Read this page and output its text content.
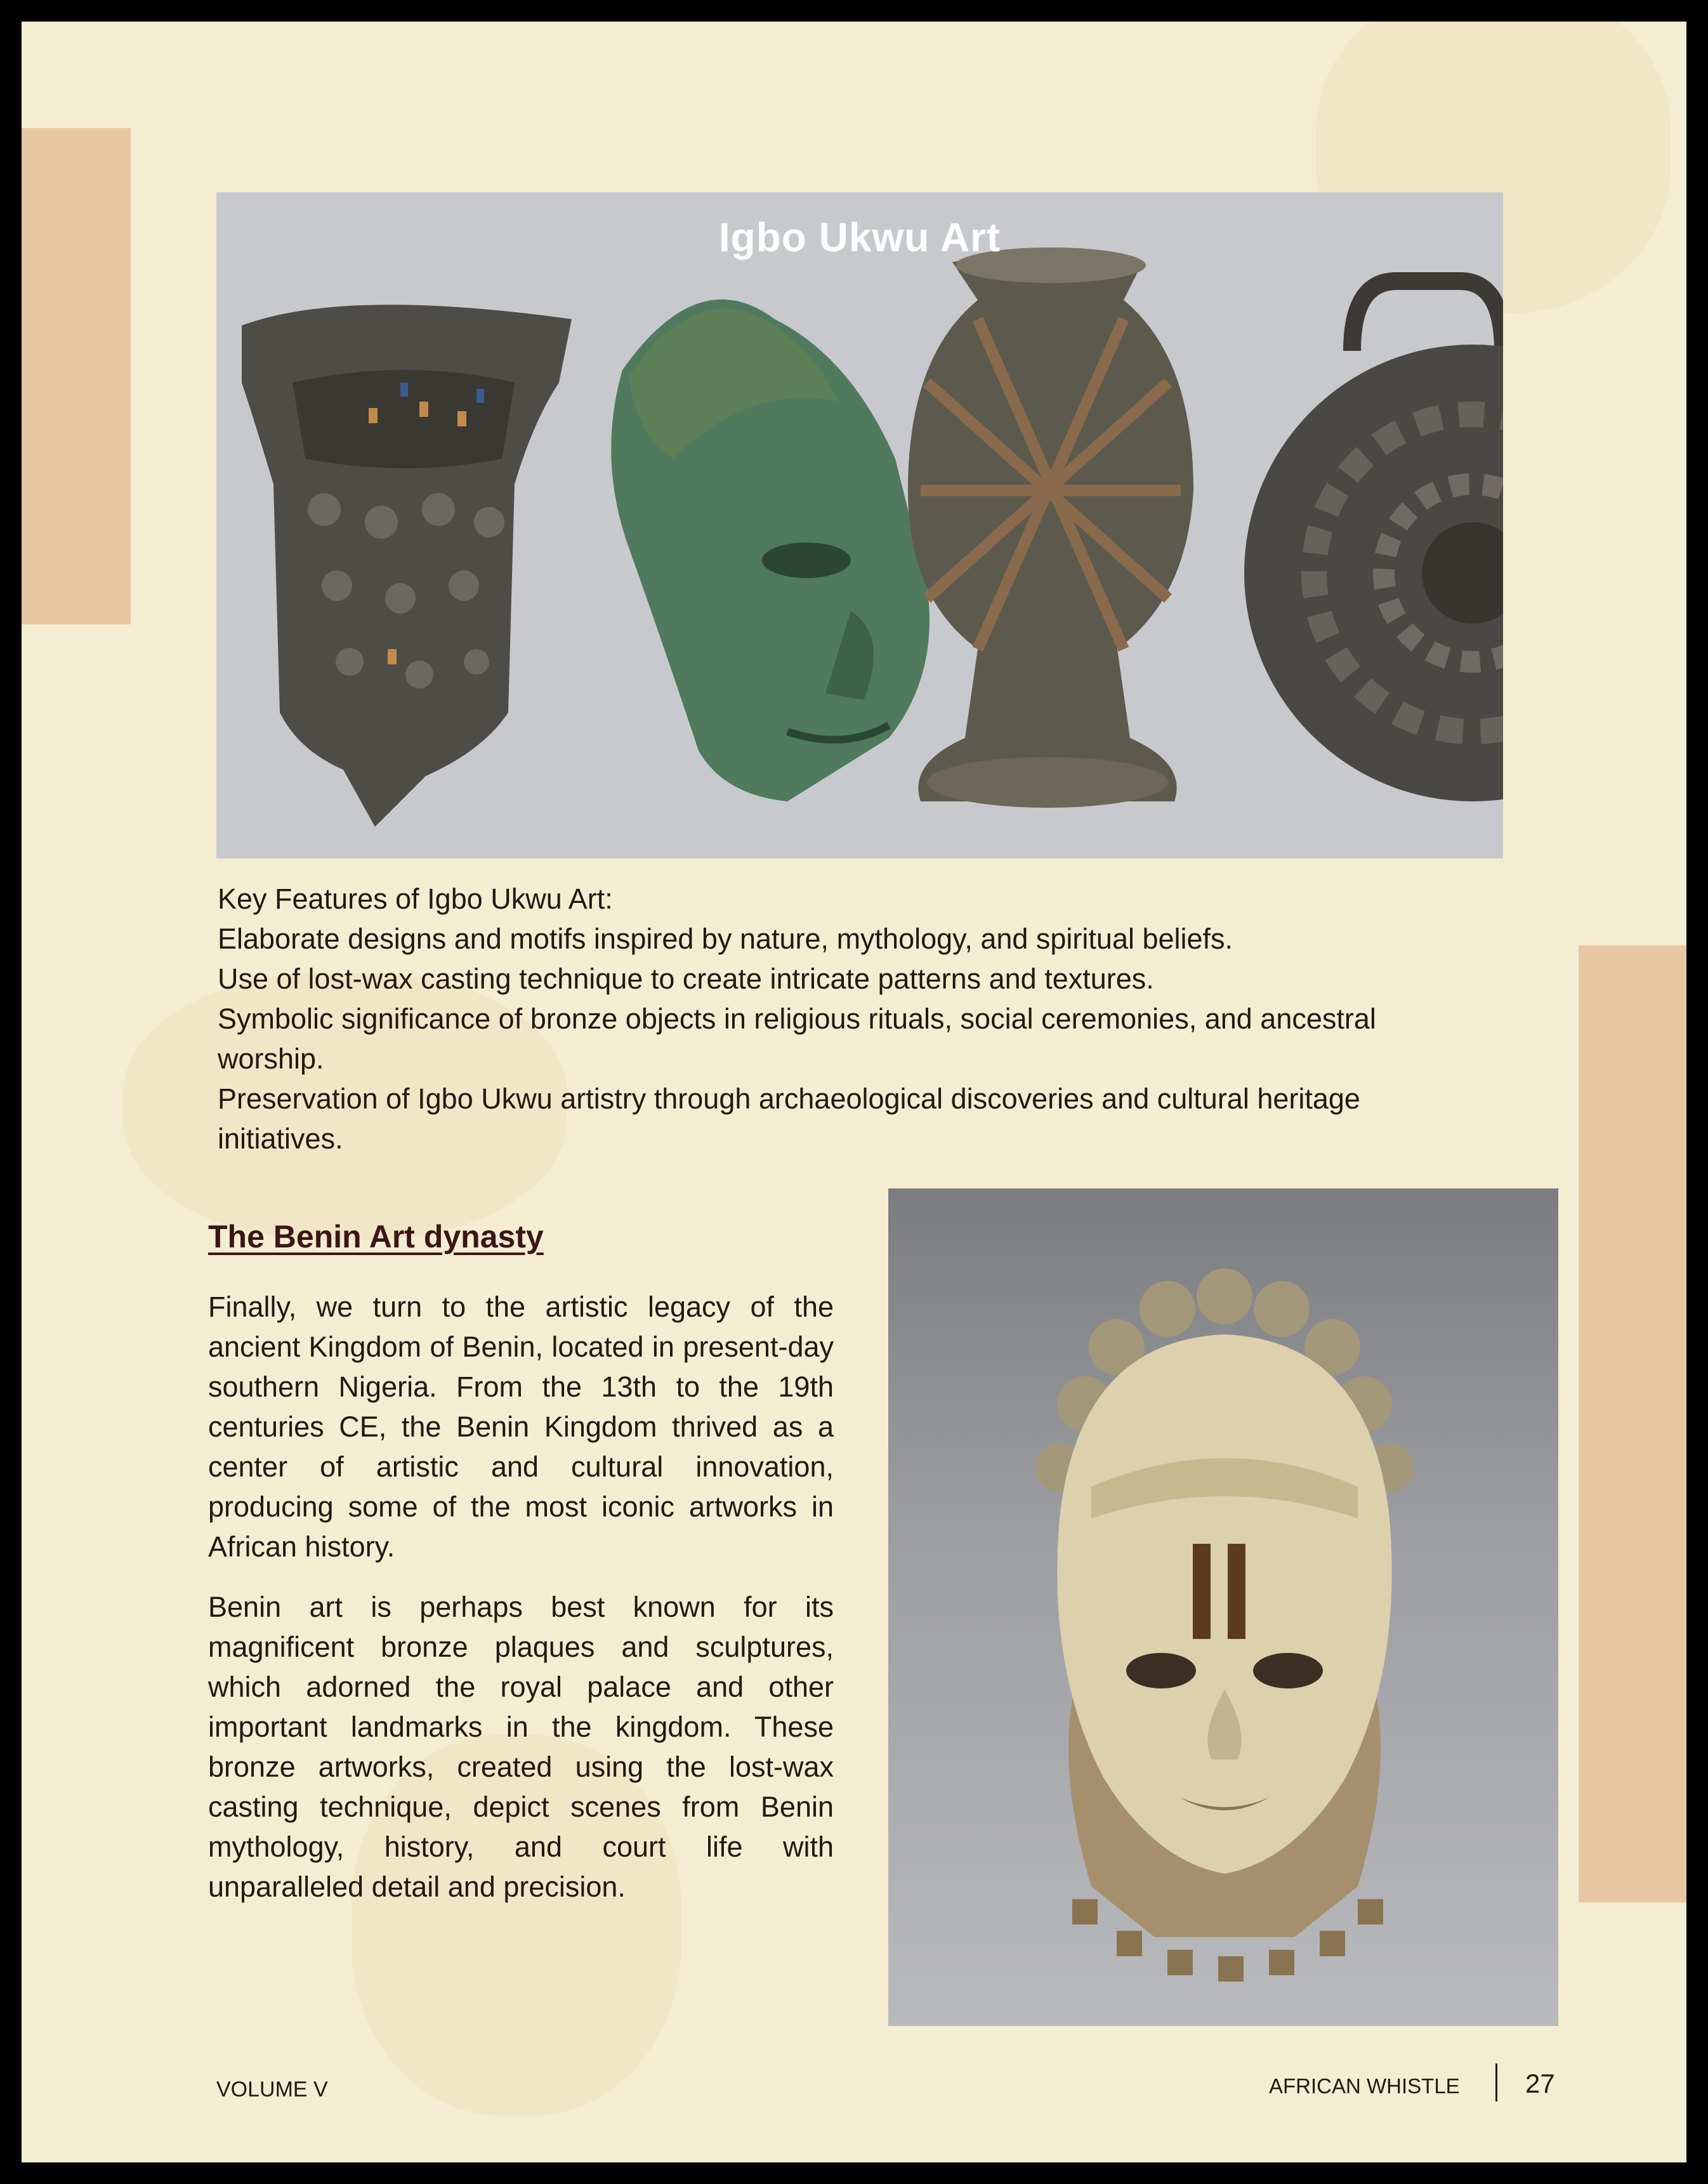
Igbo Ukwu Art

Key Features of Igbo Ukwu Art:

Elaborate designs and motifs inspired by nature, mythology, and spiritual beliefs.

Use of lost-wax casting technique to create intricate patterns and textures.

Symbolic significance of bronze objects in religious rituals, social ceremonies, and ancestral worship.

Preservation of Igbo Ukwu artistry through archaeological discoveries and cultural heritage initiatives.

The Benin Art dynasty

Finally, we turn to the artistic legacy of the ancient Kingdom of Benin, located in present-day southern Nigeria. From the 13th to the 19th centuries CE, the Benin Kingdom thrived as a center of artistic and cultural innovation, producing some of the most iconic artworks in African history.

Benin art is perhaps best known for its magnificent bronze plaques and sculptures, which adorned the royal palace and other important landmarks in the kingdom. These bronze artworks, created using the lost-wax casting technique, depict scenes from Benin mythology, history, and court life with unparalleled detail and precision.

VOLUME V	AFRICAN WHISTLE 27
